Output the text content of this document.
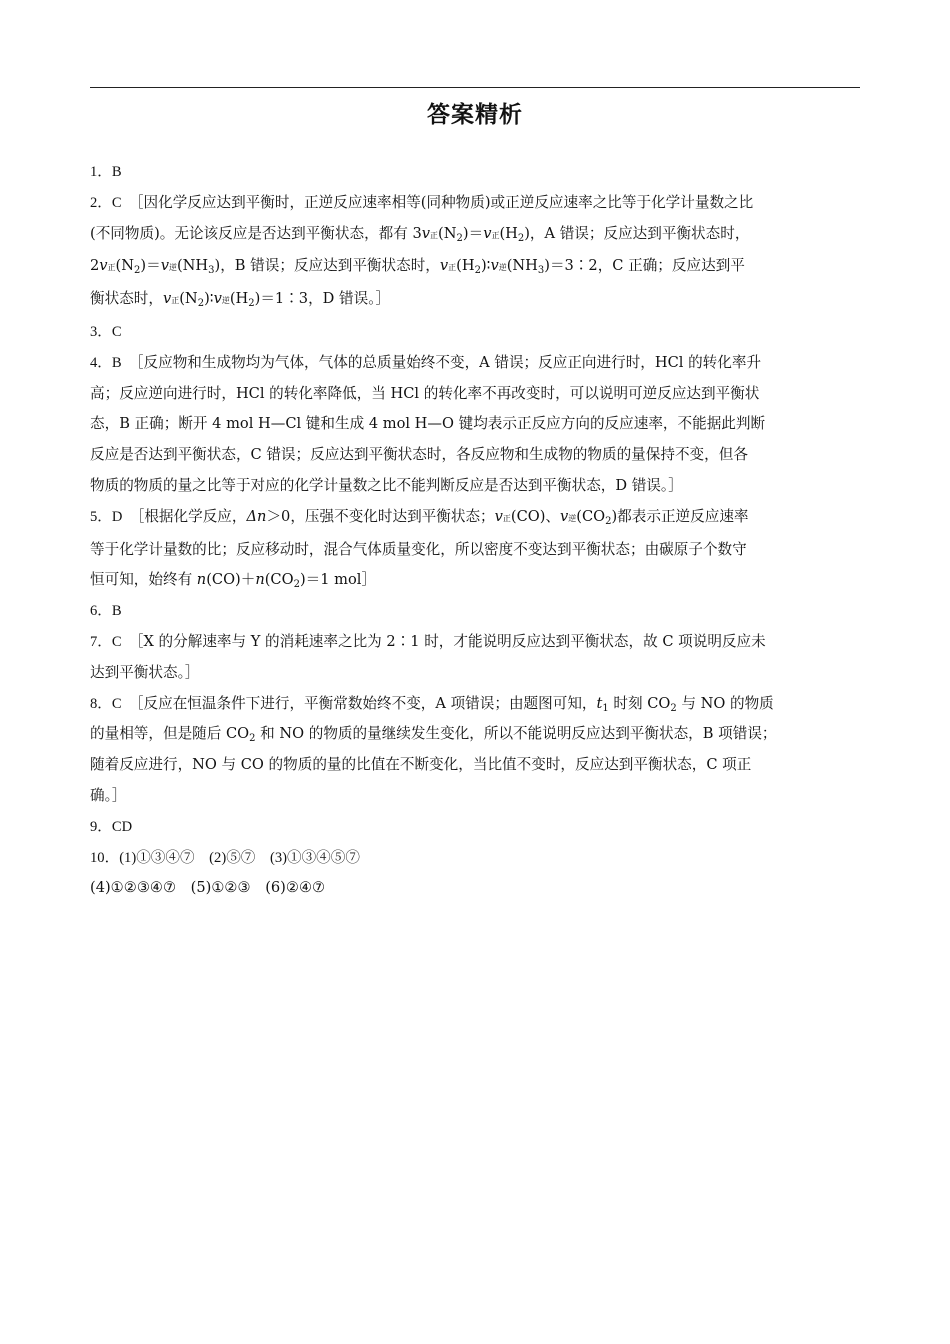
答案精析
1．B
2．C　［因化学反应达到平衡时，正逆反应速率相等(同种物质)或正逆反应速率之比等于化学计量数之比
(不同物质)。无论该反应是否达到平衡状态，都有 3v正$(N_2)=v$正$(H_2)$，A 错误；反应达到平衡状态时，
2v正$(N_2)=v$逆$(NH_3)$，B 错误；反应达到平衡状态时，v正$(H_2)∶v$逆$(NH_3)=3∶2$，C 正确；反应达到平
衡状态时，v正$(N_2)∶v$逆$(H_2)=1∶3$，D 错误。］
3．C
4．B　［反应物和生成物均为气体，气体的总质量始终不变，A 错误；反应正向进行时，HCl 的转化率升
高；反应逆向进行时，HCl 的转化率降低，当 HCl 的转化率不再改变时，可以说明可逆反应达到平衡状
态，B 正确；断开 4 mol H—Cl 键和生成 4 mol H—O 键均表示正反应方向的反应速率，不能据此判断
反应是否达到平衡状态，C 错误；反应达到平衡状态时，各反应物和生成物的物质的量保持不变，但各
物质的物质的量之比等于对应的化学计量数之比不能判断反应是否达到平衡状态，D 错误。］
5．D　［根据化学反应，Δn＞0，压强不变化时达到平衡状态；v正(CO)、v逆$(CO_2)$都表示正逆反应速率
等于化学计量数的比；反应移动时，混合气体质量变化，所以密度不变达到平衡状态；由碳原子个数守
恒可知，始终有 $n(CO)+n(CO_2)=1$ mol］
6．B
7．C　［X 的分解速率与 Y 的消耗速率之比为 2∶1 时，才能说明反应达到平衡状态，故 C 项说明反应未
达到平衡状态。］
8．C　［反应在恒温条件下进行，平衡常数始终不变，A 项错误；由题图可知，$t_1$ 时刻 $CO_2$ 与 NO 的物质
的量相等，但是随后 $CO_2$ 和 NO 的物质的量继续发生变化，所以不能说明反应达到平衡状态，B 项错误；
随着反应进行，NO 与 CO 的物质的量的比值在不断变化，当比值不变时，反应达到平衡状态，C 项正
确。］
9．CD
10．(1)①③④⑦　(2)⑤⑦　(3)①③④⑤⑦
(4)①②③④⑦　(5)①②③　(6)②④⑦
